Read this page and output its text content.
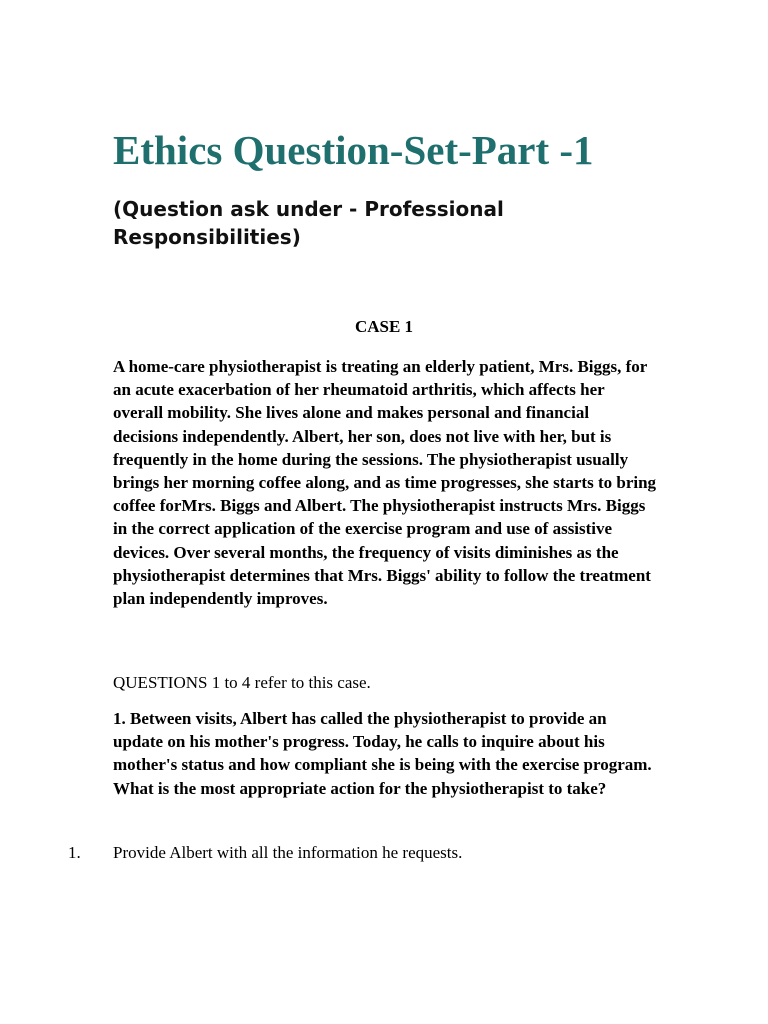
Ethics Question-Set-Part -1

(Question ask under - Professional Responsibilities)

CASE 1

A home-care physiotherapist is treating an elderly patient, Mrs. Biggs, for an acute exacerbation of her rheumatoid arthritis, which affects her overall mobility. She lives alone and makes personal and financial decisions independently. Albert, her son, does not live with her, but is frequently in the home during the sessions. The physiotherapist usually brings her morning coffee along, and as time progresses, she starts to bring coffee forMrs. Biggs and Albert. The physiotherapist instructs Mrs. Biggs in the correct application of the exercise program and use of assistive devices. Over several months, the frequency of visits diminishes as the physiotherapist determines that Mrs. Biggs' ability to follow the treatment plan independently improves.

QUESTIONS 1 to 4 refer to this case.

1. Between visits, Albert has called the physiotherapist to provide an update on his mother's progress. Today, he calls to inquire about his mother's status and how compliant she is being with the exercise program. What is the most appropriate action for the physiotherapist to take?

1. Provide Albert with all the information he requests.
